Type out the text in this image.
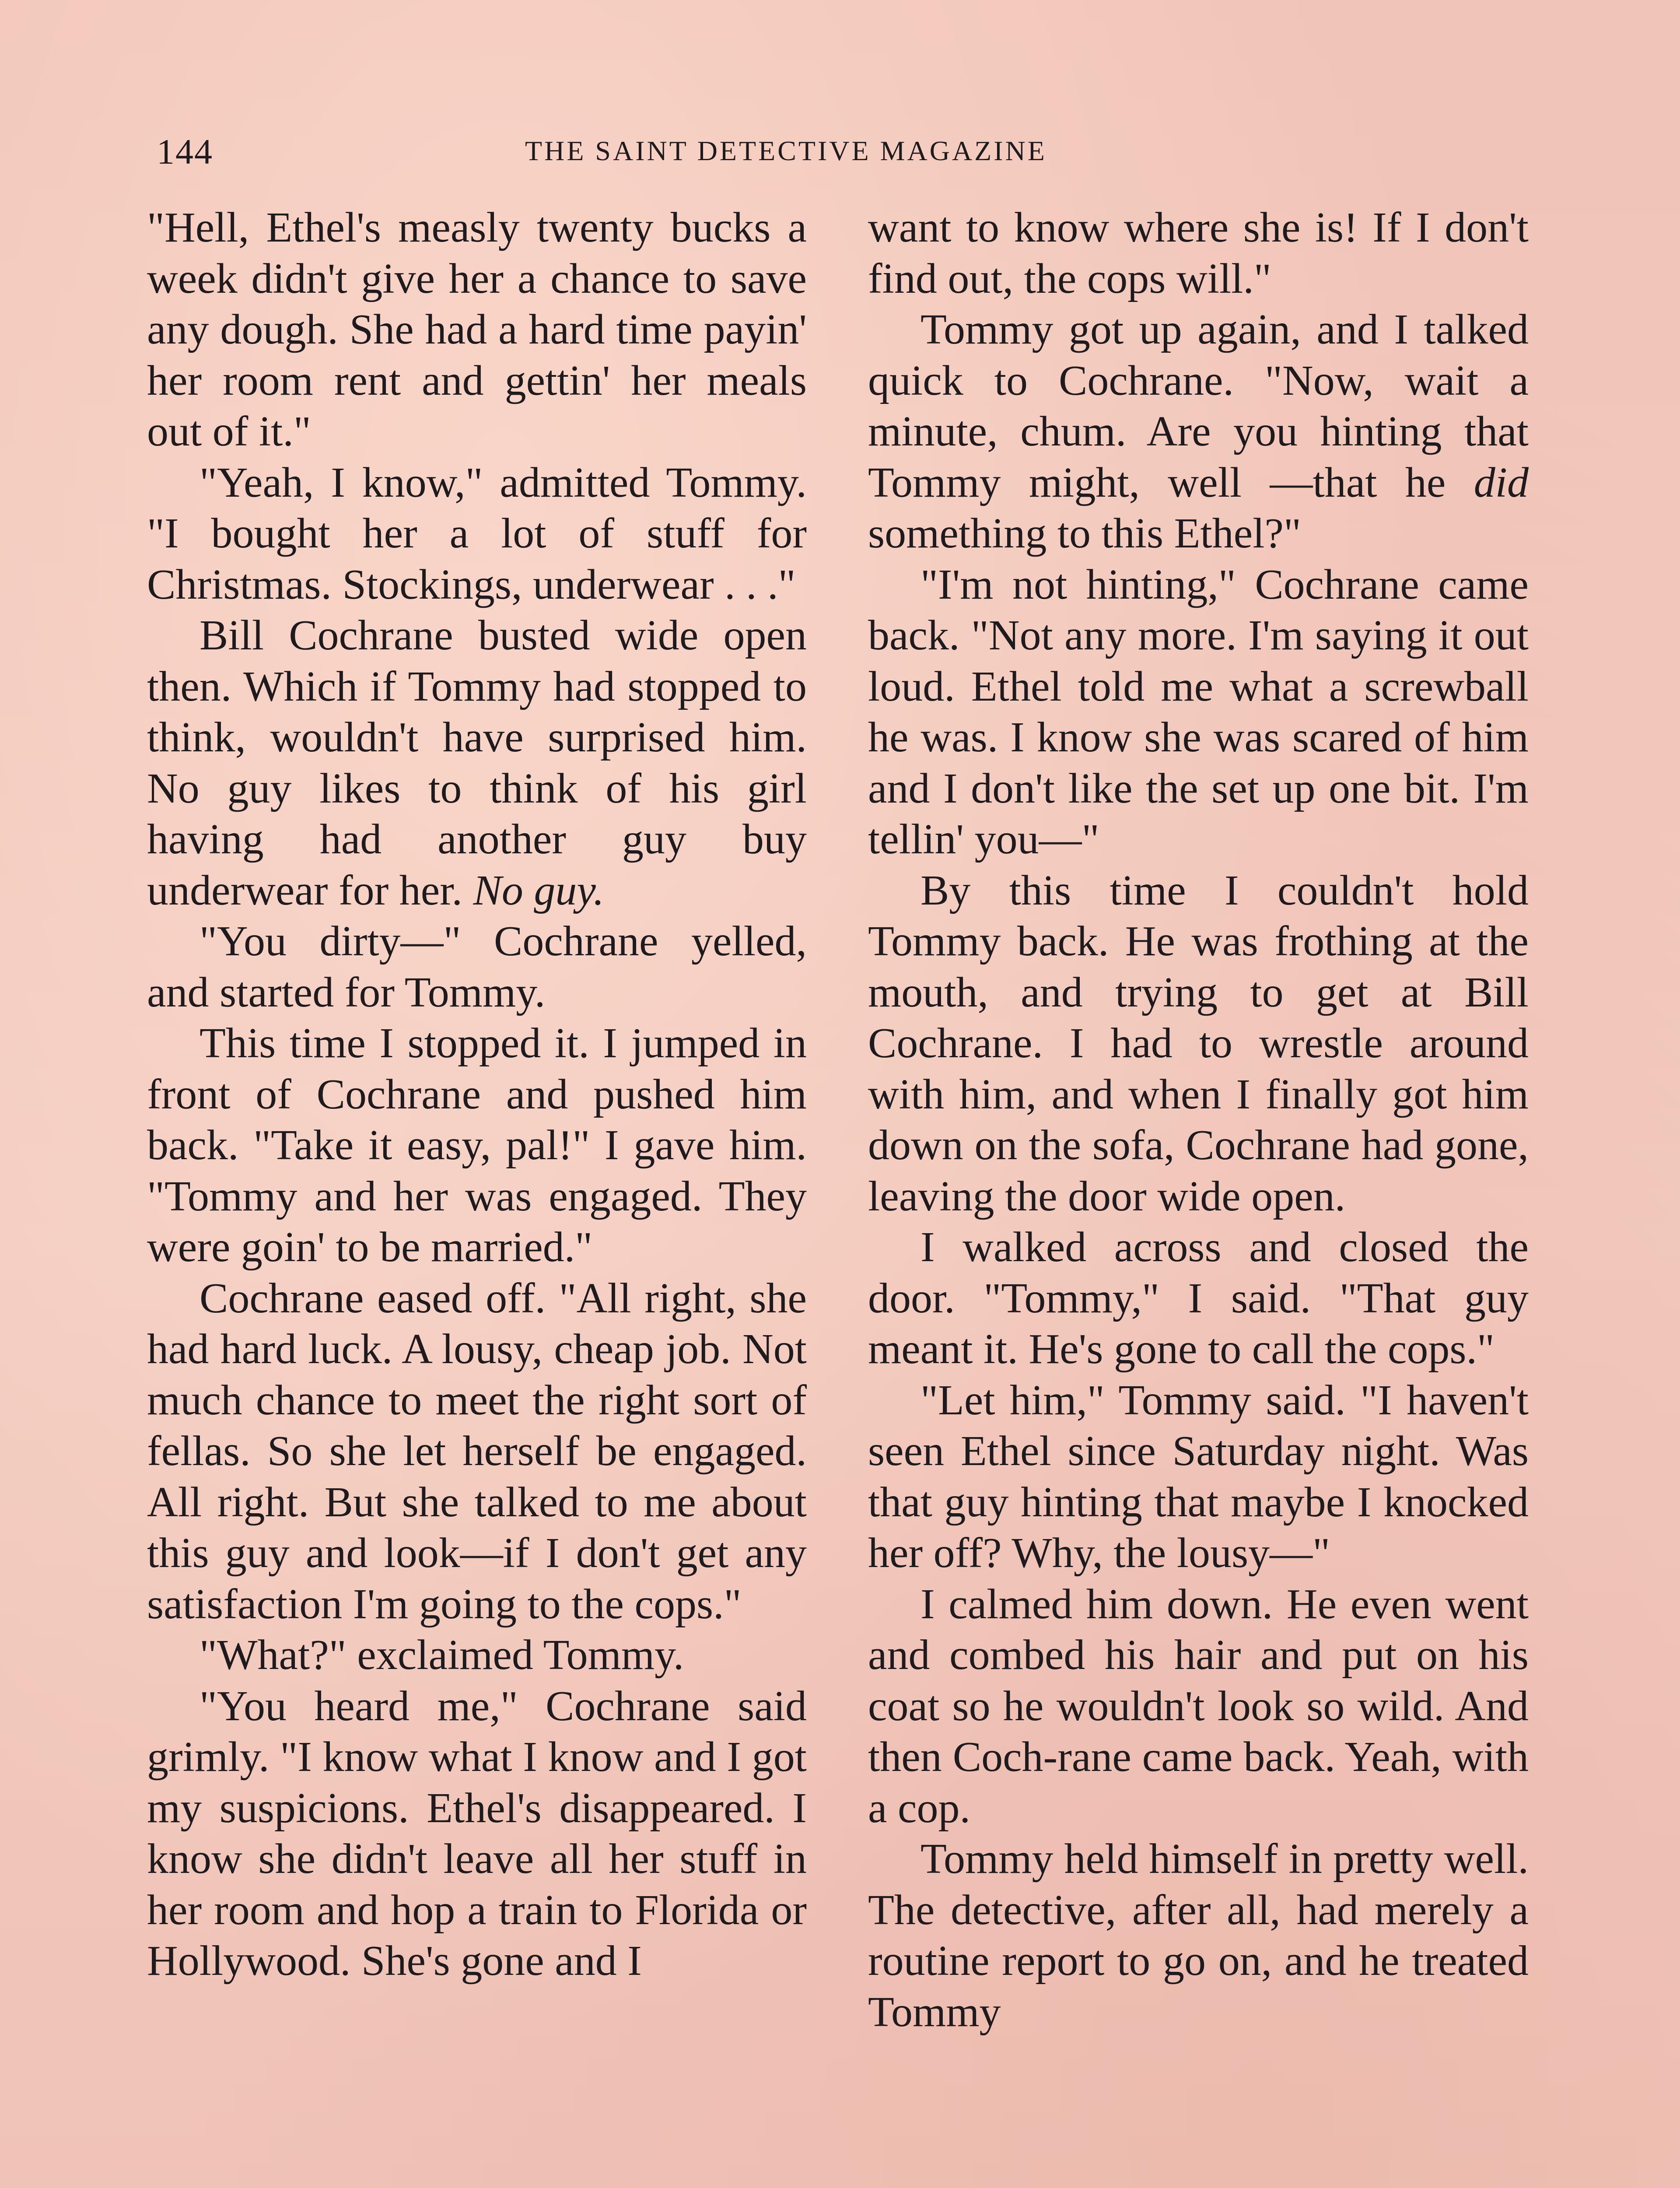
144	THE SAINT DETECTIVE MAGAZINE

"Hell, Ethel's measly twenty bucks a week didn't give her a chance to save any dough. She had a hard time payin' her room rent and gettin' her meals out of it."

"Yeah, I know," admitted Tommy. "I bought her a lot of stuff for Christmas. Stockings, underwear . . ."

Bill Cochrane busted wide open then. Which if Tommy had stopped to think, wouldn't have surprised him. No guy likes to think of his girl having had another guy buy underwear for her. No guy.

"You dirty—" Cochrane yelled, and started for Tommy.

This time I stopped it. I jumped in front of Cochrane and pushed him back. "Take it easy, pal!" I gave him. "Tommy and her was engaged. They were goin' to be married."

Cochrane eased off. "All right, she had hard luck. A lousy, cheap job. Not much chance to meet the right sort of fellas. So she let herself be engaged. All right. But she talked to me about this guy and look—if I don't get any satisfaction I'm going to the cops."

"What?" exclaimed Tommy.

"You heard me," Cochrane said grimly. "I know what I know and I got my suspicions. Ethel's disappeared. I know she didn't leave all her stuff in her room and hop a train to Florida or Hollywood. She's gone and I

want to know where she is! If I don't find out, the cops will."

Tommy got up again, and I talked quick to Cochrane. "Now, wait a minute, chum. Are you hinting that Tommy might, well —that he did something to this Ethel?"

"I'm not hinting," Cochrane came back. "Not any more. I'm saying it out loud. Ethel told me what a screwball he was. I know she was scared of him and I don't like the set up one bit. I'm tellin' you—"

By this time I couldn't hold Tommy back. He was frothing at the mouth, and trying to get at Bill Cochrane. I had to wrestle around with him, and when I finally got him down on the sofa, Cochrane had gone, leaving the door wide open.

I walked across and closed the door. "Tommy," I said. "That guy meant it. He's gone to call the cops."

"Let him," Tommy said. "I haven't seen Ethel since Saturday night. Was that guy hinting that maybe I knocked her off? Why, the lousy—"

I calmed him down. He even went and combed his hair and put on his coat so he wouldn't look so wild. And then Coch-rane came back. Yeah, with a cop.

Tommy held himself in pretty well. The detective, after all, had merely a routine report to go on, and he treated Tommy
